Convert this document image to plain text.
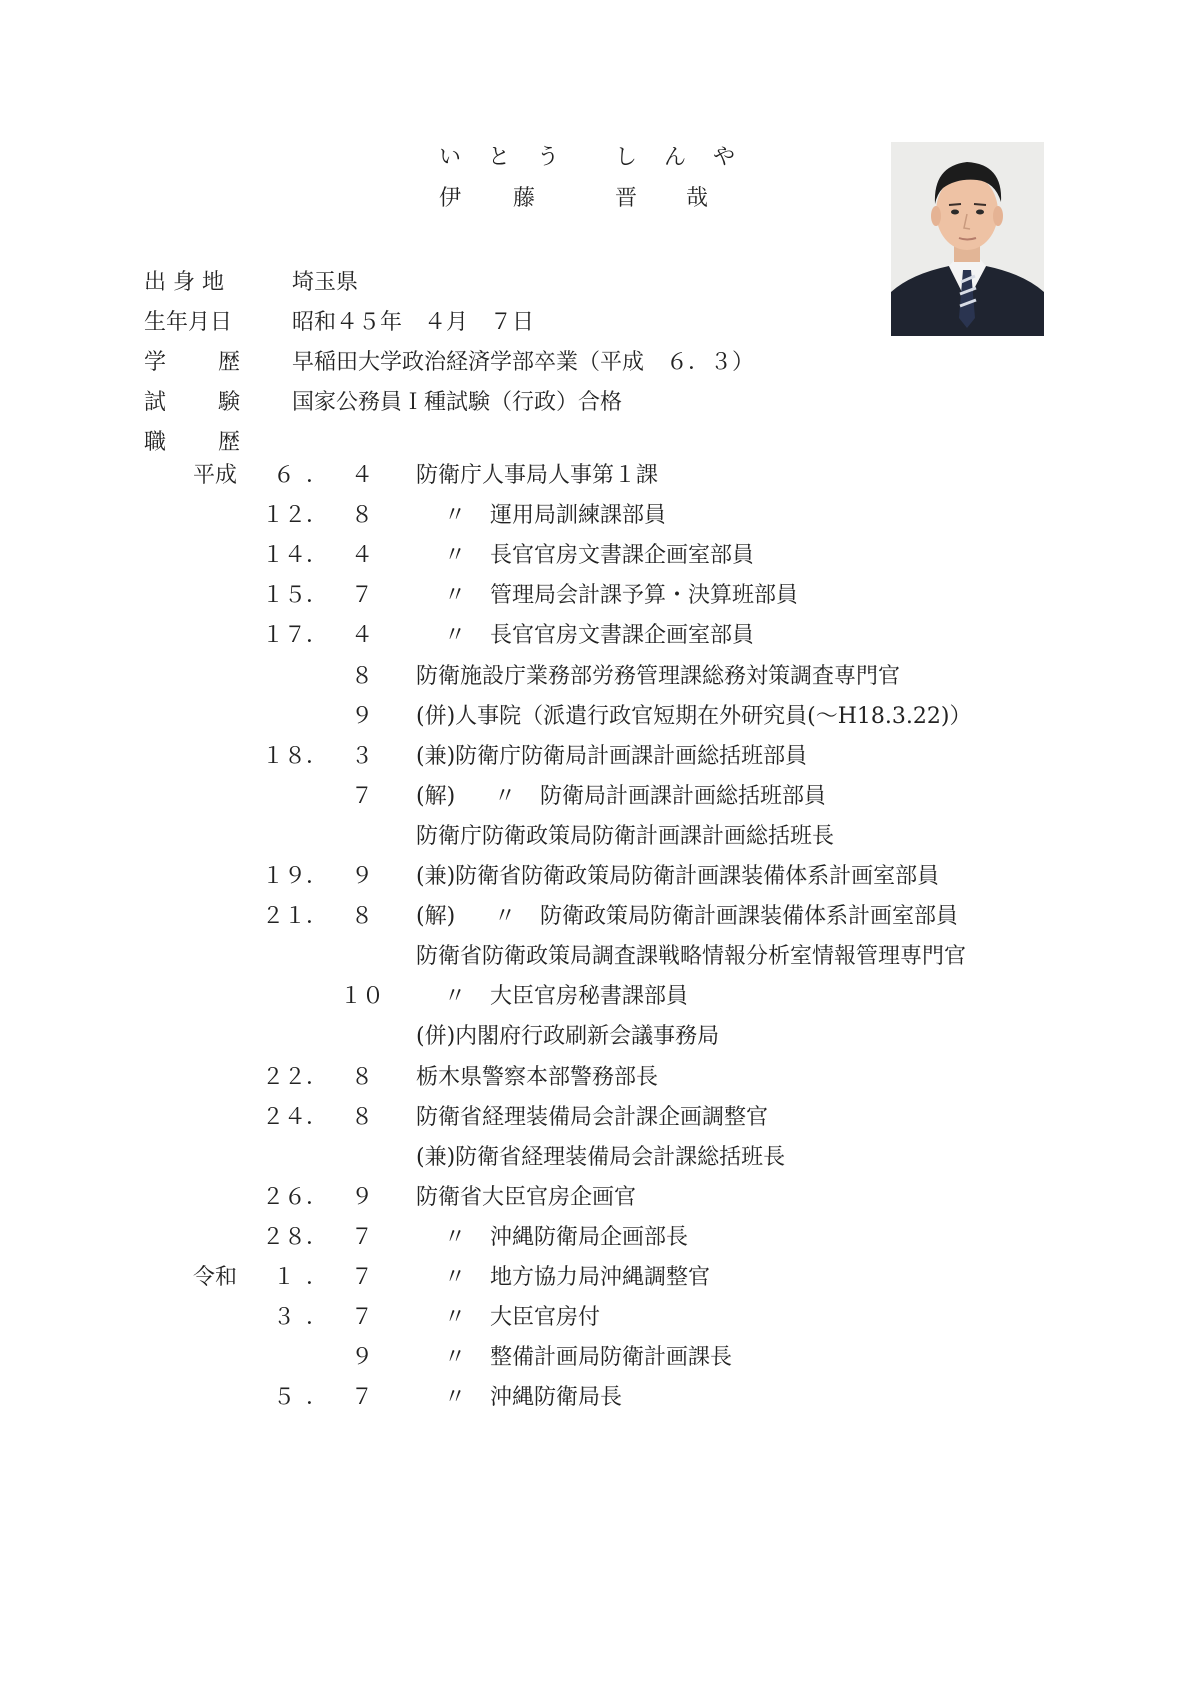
い と う し ん や
伊 藤	晋 哉
出 身 地	埼玉県
生年月日	昭和４５年　４月　７日
学 歴 早稲田大学政治経済学部卒業（平成　６．３）
試 験 国家公務員Ｉ種試験（行政）合格
職 歴
平成	６ ．	４	防衛庁人事局人事第１課
１２ ．	８	〃 運用局訓練課部員
１４ ．	４	〃 長官官房文書課企画室部員
１５ ．	７	〃 管理局会計課予算・決算班部員
１７ ．	４	〃 長官官房文書課企画室部員
８	防衛施設庁業務部労務管理課総務対策調査専門官
９	(併)人事院（派遣行政官短期在外研究員(〜H18.3.22)）
１８ ．	３	(兼)防衛庁防衛局計画課計画総括班部員
７	(解) 〃 防衛局計画課計画総括班部員
防衛庁防衛政策局防衛計画課計画総括班長
１９ ．	９	(兼)防衛省防衛政策局防衛計画課装備体系計画室部員
２１ ．	８	(解) 〃 防衛政策局防衛計画課装備体系計画室部員
防衛省防衛政策局調査課戦略情報分析室情報管理専門官
１０	〃 大臣官房秘書課部員
(併)内閣府行政刷新会議事務局
２２ ．	８	栃木県警察本部警務部長
２４ ．	８	防衛省経理装備局会計課企画調整官
(兼)防衛省経理装備局会計課総括班長
２６ ．	９	防衛省大臣官房企画官
２８ ．	７	〃 沖縄防衛局企画部長
令和	１ ．	７	〃 地方協力局沖縄調整官
３ ．	７	〃 大臣官房付
９	〃 整備計画局防衛計画課長
５ ．	７	〃 沖縄防衛局長
